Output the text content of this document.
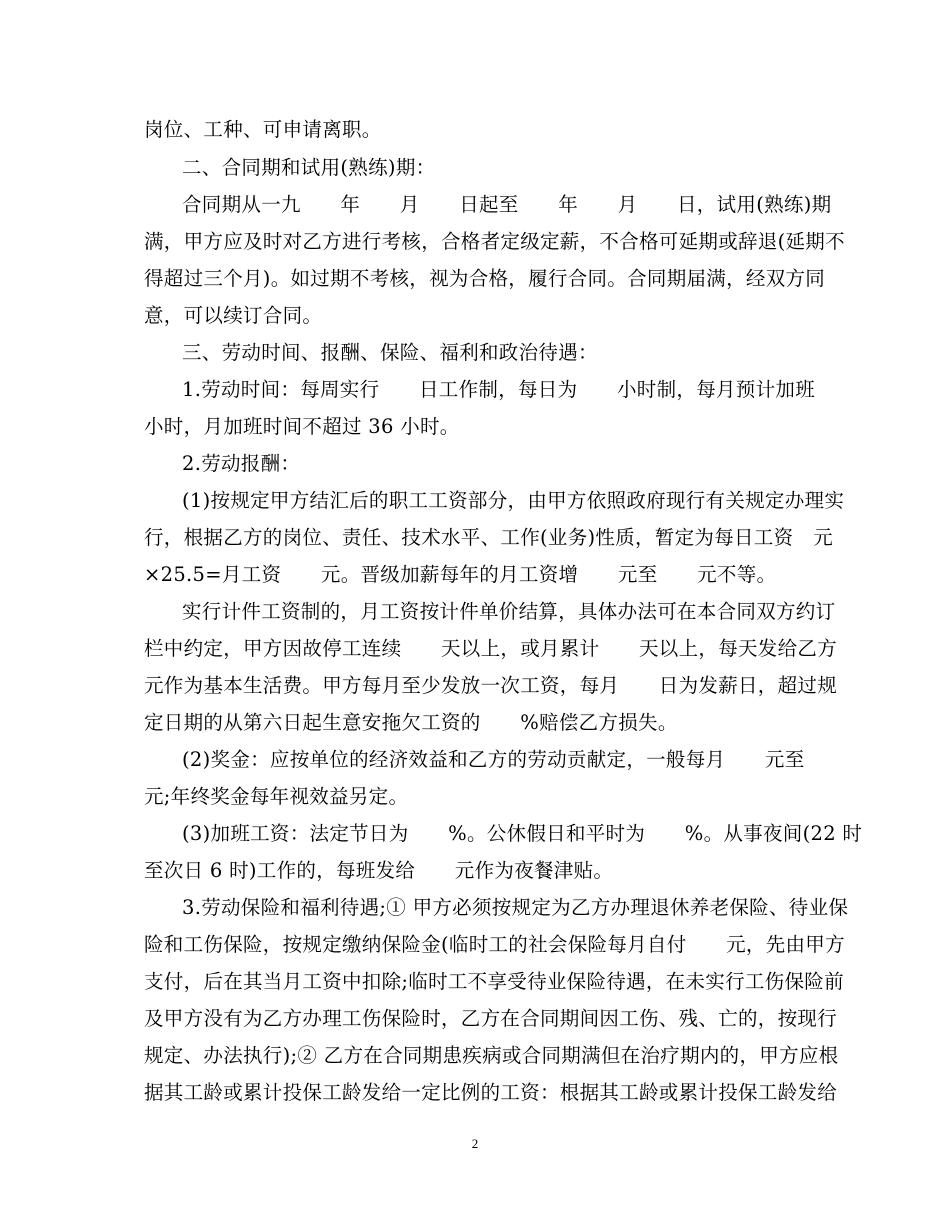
岗位、工种、可申请离职。
二、合同期和试用(熟练)期：
合同期从一九　　年　　月　　日起至　　年　　月　　日，试用(熟练)期
满，甲方应及时对乙方进行考核，合格者定级定薪，不合格可延期或辞退(延期不
得超过三个月)。如过期不考核，视为合格，履行合同。合同期届满，经双方同
意，可以续订合同。
三、劳动时间、报酬、保险、福利和政治待遇：
1.劳动时间：每周实行　　日工作制，每日为　　小时制，每月预计加班
小时，月加班时间不超过 36 小时。
2.劳动报酬：
(1)按规定甲方结汇后的职工工资部分，由甲方依照政府现行有关规定办理实
行，根据乙方的岗位、责任、技术水平、工作(业务)性质，暂定为每日工资　元
×25.5=月工资　　元。晋级加薪每年的月工资增　　元至　　元不等。
实行计件工资制的，月工资按计件单价结算，具体办法可在本合同双方约订
栏中约定，甲方因故停工连续　　天以上，或月累计　　天以上，每天发给乙方
元作为基本生活费。甲方每月至少发放一次工资，每月　　日为发薪日，超过规
定日期的从第六日起生意安拖欠工资的　　%赔偿乙方损失。
(2)奖金：应按单位的经济效益和乙方的劳动贡献定，一般每月　　元至
元;年终奖金每年视效益另定。
(3)加班工资：法定节日为　　%。公休假日和平时为　　%。从事夜间(22 时
至次日 6 时)工作的，每班发给　　元作为夜餐津贴。
3.劳动保险和福利待遇;① 甲方必须按规定为乙方办理退休养老保险、待业保
险和工伤保险，按规定缴纳保险金(临时工的社会保险每月自付　　元，先由甲方
支付，后在其当月工资中扣除;临时工不享受待业保险待遇，在未实行工伤保险前
及甲方没有为乙方办理工伤保险时，乙方在合同期间因工伤、残、亡的，按现行
规定、办法执行);② 乙方在合同期患疾病或合同期满但在治疗期内的，甲方应根
据其工龄或累计投保工龄发给一定比例的工资：根据其工龄或累计投保工龄发给
2
